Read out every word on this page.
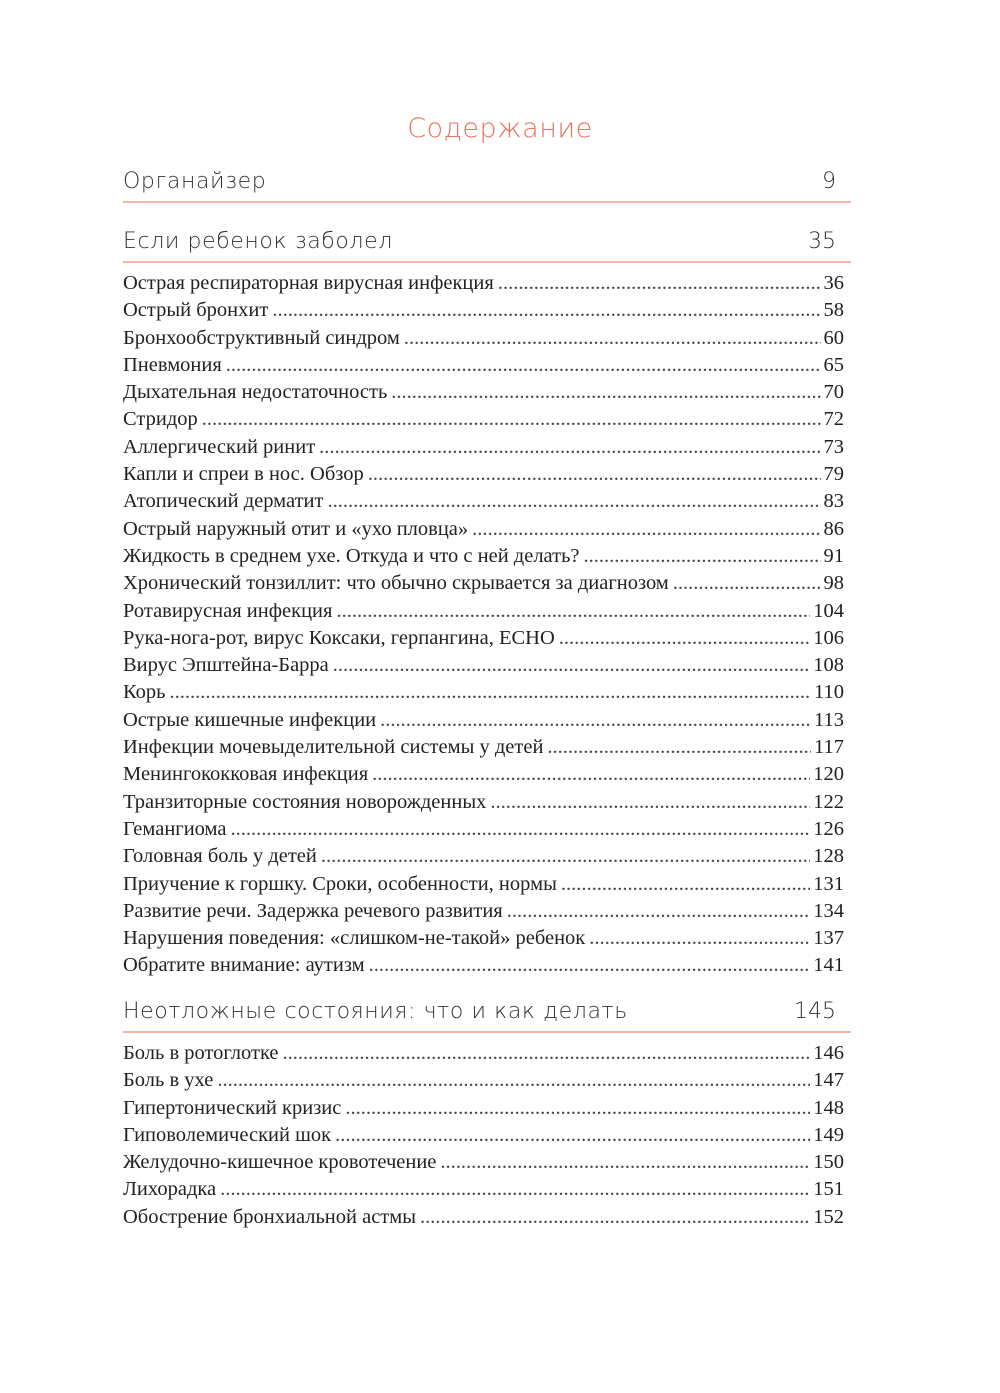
Содержание
Органайзер	9
Если ребенок заболел	35
Острая респираторная вирусная инфекция .....	36
Острый бронхит .....	58
Бронхообструктивный синдром .....	60
Пневмония .....	65
Дыхательная недостаточность .....	70
Стридор .....	72
Аллергический ринит .....	73
Капли и спреи в нос. Обзор .....	79
Атопический дерматит .....	83
Острый наружный отит и «ухо пловца» .....	86
Жидкость в среднем ухе. Откуда и что с ней делать? .....	91
Хронический тонзиллит: что обычно скрывается за диагнозом .....	98
Ротавирусная инфекция .....	104
Рука-нога-рот, вирус Коксаки, герпангина, ECHO .....	106
Вирус Эпштейна-Барра .....	108
Корь .....	110
Острые кишечные инфекции .....	113
Инфекции мочевыделительной системы у детей .....	117
Менингококковая инфекция .....	120
Транзиторные состояния новорожденных .....	122
Гемангиома .....	126
Головная боль у детей .....	128
Приучение к горшку. Сроки, особенности, нормы .....	131
Развитие речи. Задержка речевого развития .....	134
Нарушения поведения: «слишком-не-такой» ребенок .....	137
Обратите внимание: аутизм .....	141
Неотложные состояния: что и как делать	145
Боль в ротоглотке .....	146
Боль в ухе .....	147
Гипертонический кризис .....	148
Гиповолемический шок .....	149
Желудочно-кишечное кровотечение .....	150
Лихорадка .....	151
Обострение бронхиальной астмы .....	152
